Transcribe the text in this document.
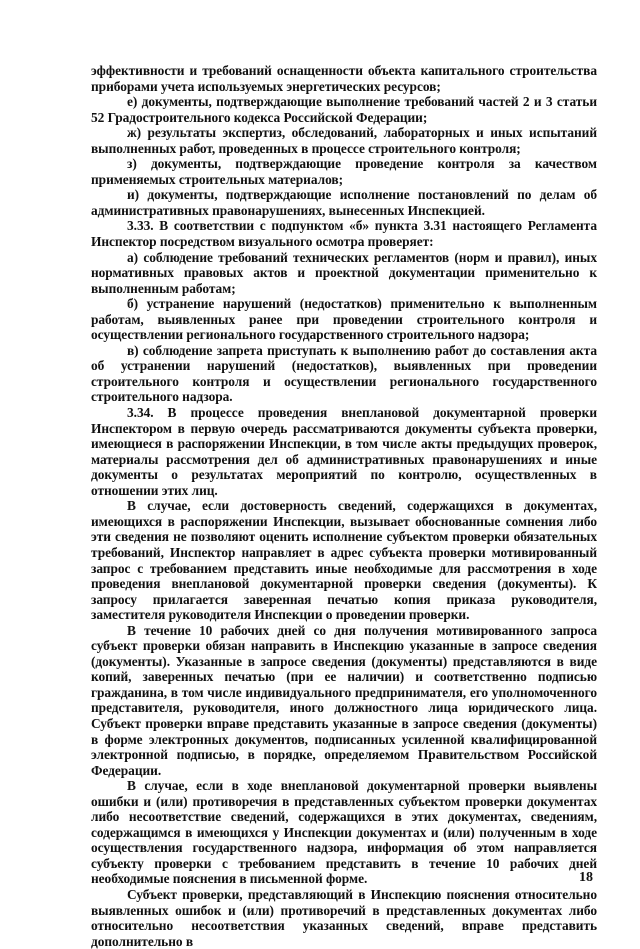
эффективности и требований оснащенности объекта капитального строительства приборами учета используемых энергетических ресурсов;

е) документы, подтверждающие выполнение требований частей 2 и 3 статьи 52 Градостроительного кодекса Российской Федерации;

ж) результаты экспертиз, обследований, лабораторных и иных испытаний выполненных работ, проведенных в процессе строительного контроля;

з) документы, подтверждающие проведение контроля за качеством применяемых строительных материалов;

и) документы, подтверждающие исполнение постановлений по делам об административных правонарушениях, вынесенных Инспекцией.

3.33. В соответствии с подпунктом «б» пункта 3.31 настоящего Регламента Инспектор посредством визуального осмотра проверяет:

а) соблюдение требований технических регламентов (норм и правил), иных нормативных правовых актов и проектной документации применительно к выполненным работам;

б) устранение нарушений (недостатков) применительно к выполненным работам, выявленных ранее при проведении строительного контроля и осуществлении регионального государственного строительного надзора;

в) соблюдение запрета приступать к выполнению работ до составления акта об устранении нарушений (недостатков), выявленных при проведении строительного контроля и осуществлении регионального государственного строительного надзора.

3.34. В процессе проведения внеплановой документарной проверки Инспектором в первую очередь рассматриваются документы субъекта проверки, имеющиеся в распоряжении Инспекции, в том числе акты предыдущих проверок, материалы рассмотрения дел об административных правонарушениях и иные документы о результатах мероприятий по контролю, осуществленных в отношении этих лиц.

В случае, если достоверность сведений, содержащихся в документах, имеющихся в распоряжении Инспекции, вызывает обоснованные сомнения либо эти сведения не позволяют оценить исполнение субъектом проверки обязательных требований, Инспектор направляет в адрес субъекта проверки мотивированный запрос с требованием представить иные необходимые для рассмотрения в ходе проведения внеплановой документарной проверки сведения (документы). К запросу прилагается заверенная печатью копия приказа руководителя, заместителя руководителя Инспекции о проведении проверки.

В течение 10 рабочих дней со дня получения мотивированного запроса субъект проверки обязан направить в Инспекцию указанные в запросе сведения (документы). Указанные в запросе сведения (документы) представляются в виде копий, заверенных печатью (при ее наличии) и соответственно подписью гражданина, в том числе индивидуального предпринимателя, его уполномоченного представителя, руководителя, иного должностного лица юридического лица. Субъект проверки вправе представить указанные в запросе сведения (документы) в форме электронных документов, подписанных усиленной квалифицированной электронной подписью, в порядке, определяемом Правительством Российской Федерации.

В случае, если в ходе внеплановой документарной проверки выявлены ошибки и (или) противоречия в представленных субъектом проверки документах либо несоответствие сведений, содержащихся в этих документах, сведениям, содержащимся в имеющихся у Инспекции документах и (или) полученным в ходе осуществления государственного надзора, информация об этом направляется субъекту проверки с требованием представить в течение 10 рабочих дней необходимые пояснения в письменной форме.

Субъект проверки, представляющий в Инспекцию пояснения относительно выявленных ошибок и (или) противоречий в представленных документах либо относительно несоответствия указанных сведений, вправе представить дополнительно в

18
